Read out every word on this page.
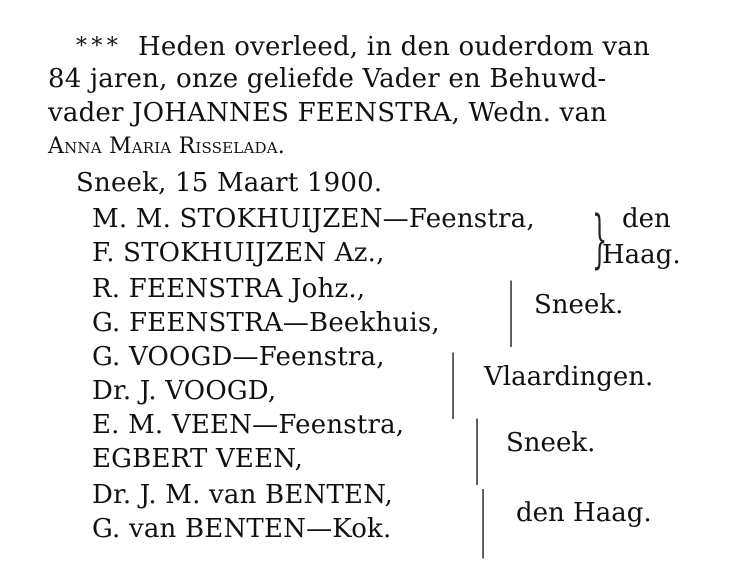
* * * Heden overleed, in den ouderdom van
84 jaren, onze geliefde Vader en Behuwd-
vader JOHANNES FEENSTRA, Wedn. van
Anna Maria Risselada.
Sneek, 15 Maart 1900.
M. M. STOKHUIJZEN—Feenstra,
F. STOKHUIJZEN Az.,	} den
Haag.
R. FEENSTRA Johz.,
G. FEENSTRA—Beekhuis, | Sneek.
G. VOOGD—Feenstra,
Dr. J. VOOGD,	| Vlaardingen.
E. M. VEEN—Feenstra,
EGBERT VEEN,	| Sneek.
Dr. J. M. van BENTEN,
G. van BENTEN—Kok.	| den Haag.
